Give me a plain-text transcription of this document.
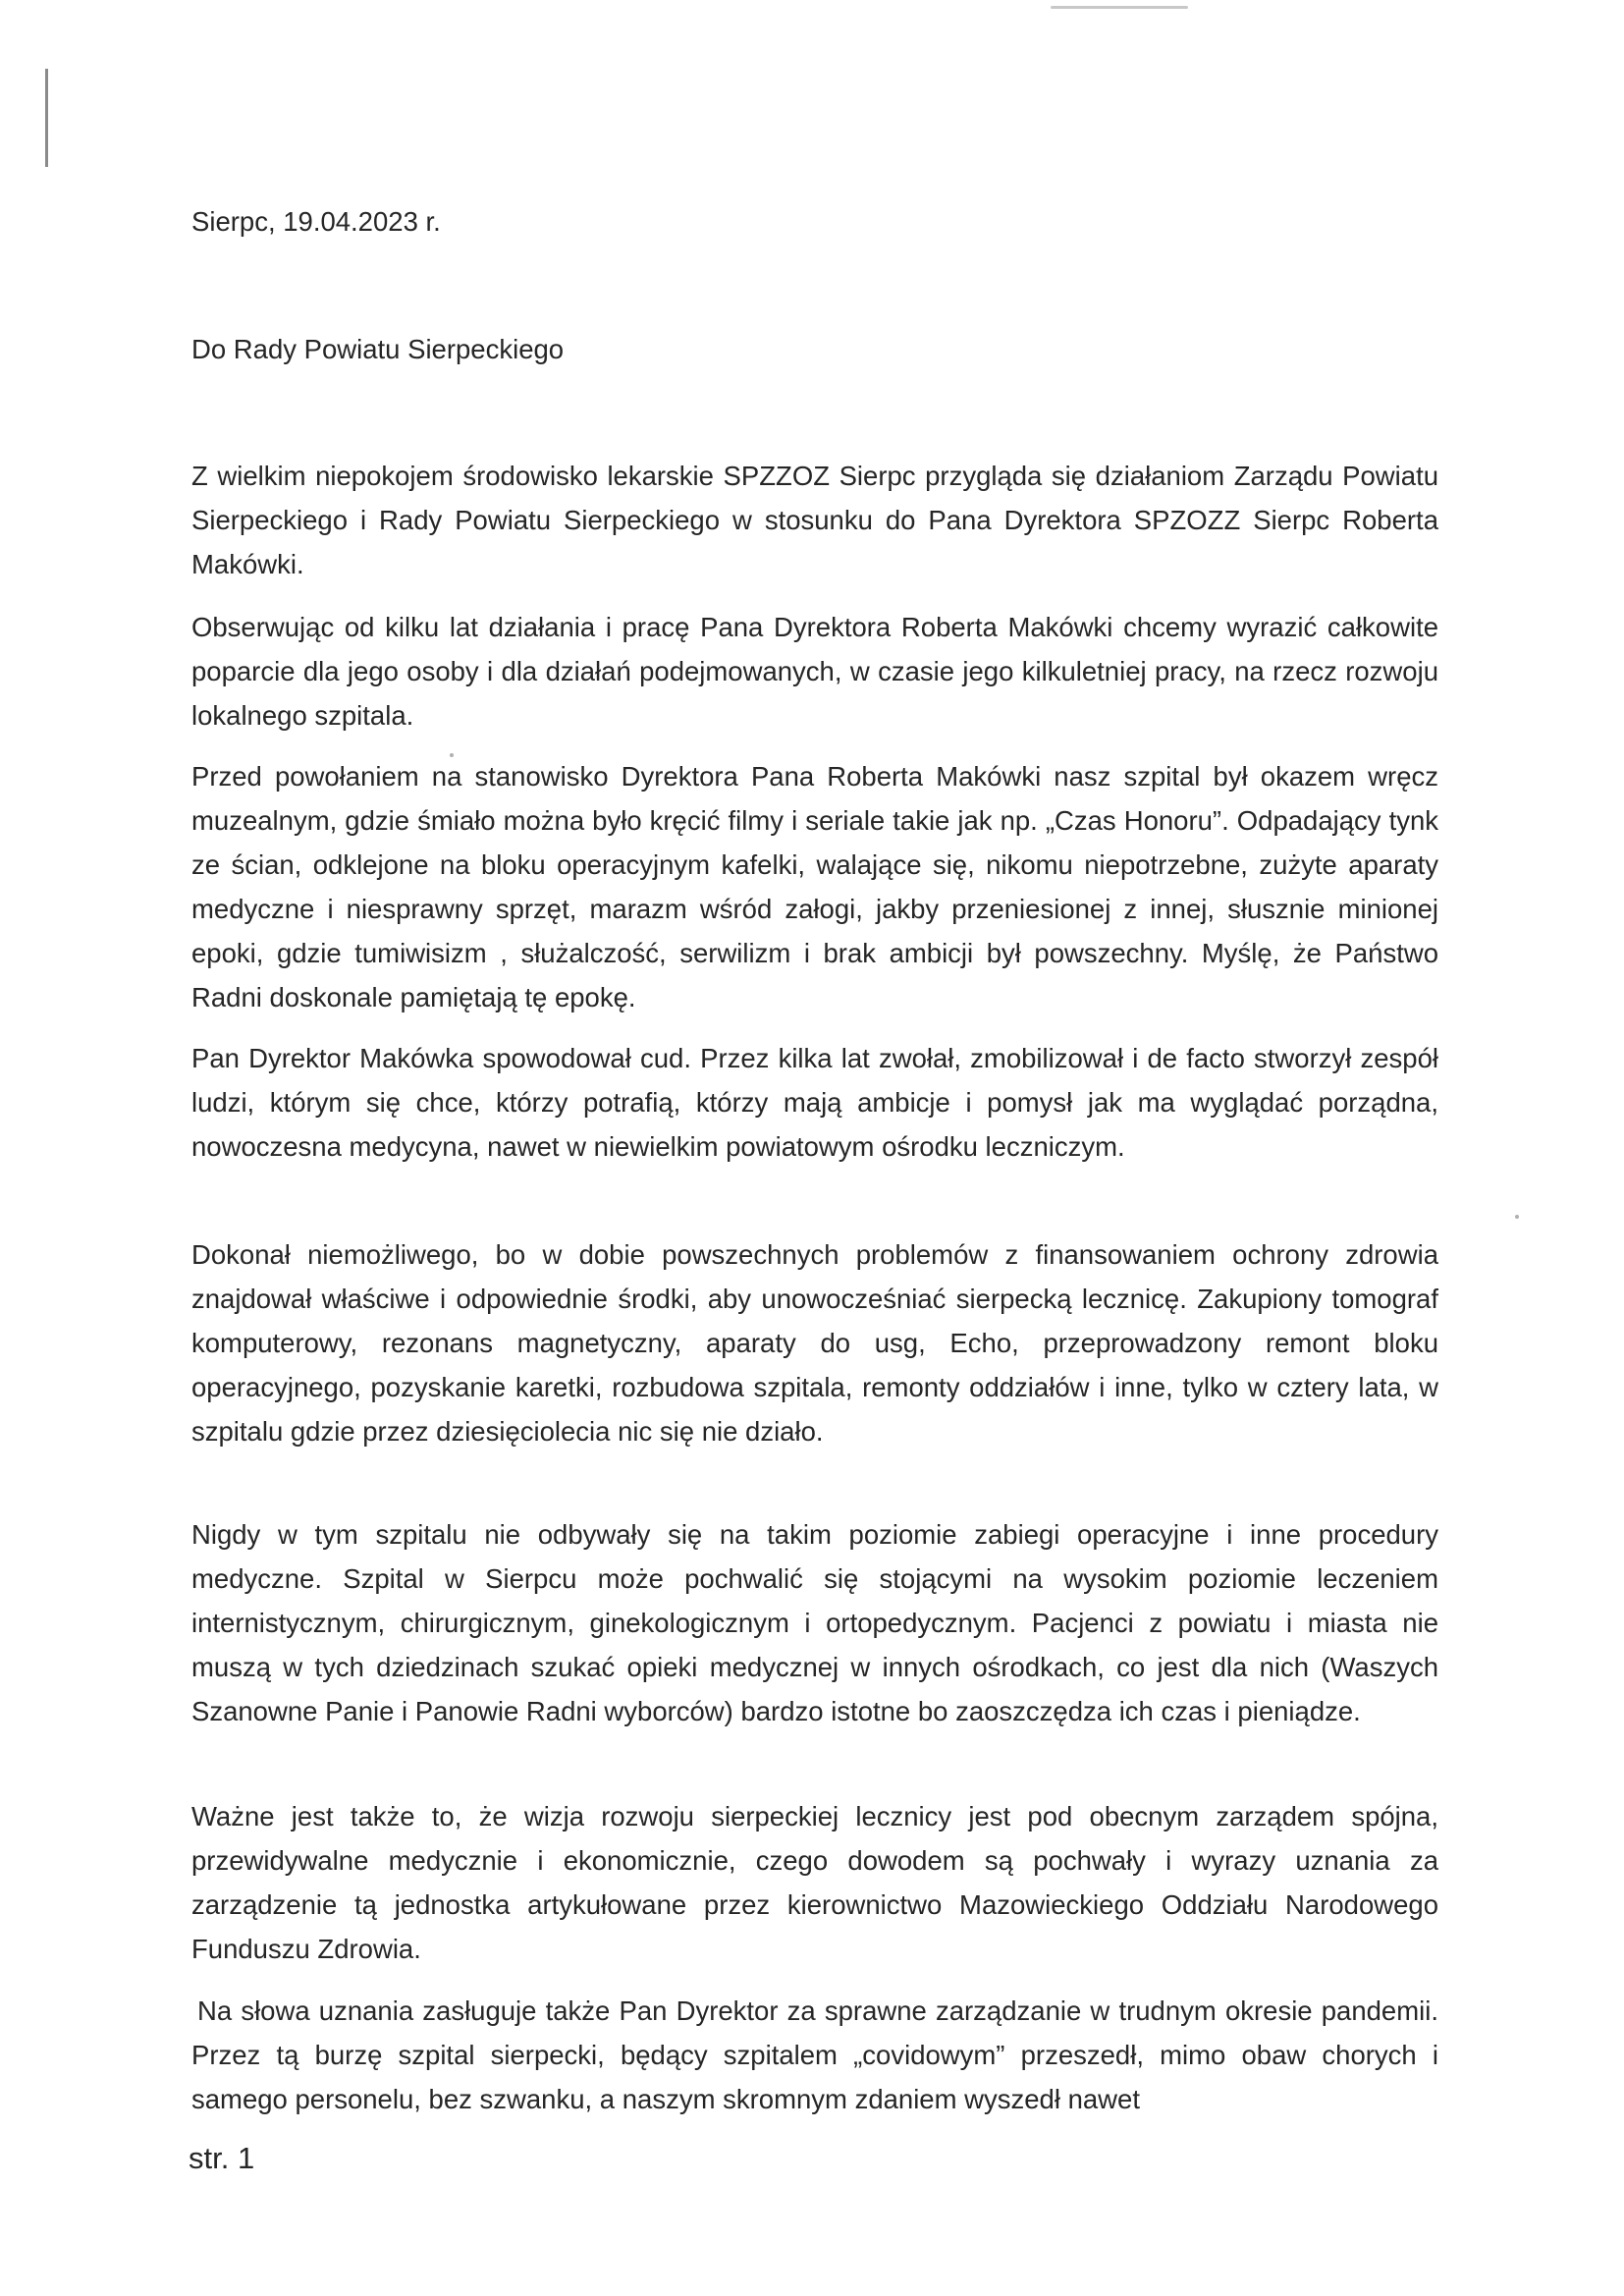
Sierpc, 19.04.2023 r.
Do Rady Powiatu Sierpeckiego
Z wielkim niepokojem środowisko lekarskie SPZZOZ Sierpc przygląda się działaniom Zarządu Powiatu Sierpeckiego i Rady Powiatu Sierpeckiego w stosunku do Pana Dyrektora SPZOZZ Sierpc Roberta Makówki.
Obserwując od kilku lat działania i pracę Pana Dyrektora Roberta Makówki chcemy wyrazić całkowite poparcie dla jego osoby i dla działań podejmowanych, w czasie jego kilkuletniej pracy, na rzecz rozwoju lokalnego szpitala.
Przed powołaniem na stanowisko Dyrektora Pana Roberta Makówki nasz szpital był okazem wręcz muzealnym, gdzie śmiało można było kręcić filmy i seriale takie jak np. „Czas Honoru”. Odpadający tynk ze ścian, odklejone na bloku operacyjnym kafelki, walające się, nikomu niepotrzebne, zużyte aparaty medyczne i niesprawny sprzęt, marazm wśród załogi, jakby przeniesionej z innej, słusznie minionej epoki, gdzie tumiwisizm , służalczość, serwilizm i brak ambicji był powszechny. Myślę, że Państwo Radni doskonale pamiętają tę epokę.
Pan Dyrektor Makówka spowodował cud. Przez kilka lat zwołał, zmobilizował i de facto stworzył zespół ludzi, którym się chce, którzy potrafią, którzy mają ambicje i pomysł jak ma wyglądać porządna, nowoczesna medycyna, nawet w niewielkim powiatowym ośrodku leczniczym.
Dokonał niemożliwego, bo w dobie powszechnych problemów z finansowaniem ochrony zdrowia znajdował właściwe i odpowiednie środki, aby unowocześniać sierpecką lecznicę. Zakupiony tomograf komputerowy, rezonans magnetyczny, aparaty do usg, Echo, przeprowadzony remont bloku operacyjnego, pozyskanie karetki, rozbudowa szpitala, remonty oddziałów i inne, tylko w cztery lata, w szpitalu gdzie przez dziesięciolecia nic się nie działo.
Nigdy w tym szpitalu nie odbywały się na takim poziomie zabiegi operacyjne i inne procedury medyczne. Szpital w Sierpcu może pochwalić się stojącymi na wysokim poziomie leczeniem internistycznym, chirurgicznym, ginekologicznym i ortopedycznym. Pacjenci z powiatu i miasta nie muszą w tych dziedzinach szukać opieki medycznej w innych ośrodkach, co jest dla nich (Waszych Szanowne Panie i Panowie Radni wyborców) bardzo istotne bo zaoszczędza ich czas i pieniądze.
Ważne jest także to, że wizja rozwoju sierpeckiej lecznicy jest pod obecnym zarządem spójna, przewidywalne medycznie i ekonomicznie, czego dowodem są pochwały i wyrazy uznania za zarządzenie tą jednostka artykułowane przez kierownictwo Mazowieckiego Oddziału Narodowego Funduszu Zdrowia.
Na słowa uznania zasługuje także Pan Dyrektor za sprawne zarządzanie w trudnym okresie pandemii. Przez tą burzę szpital sierpecki, będący szpitalem „covidowym” przeszedł, mimo obaw chorych i samego personelu, bez szwanku, a naszym skromnym zdaniem wyszedł nawet
str. 1
